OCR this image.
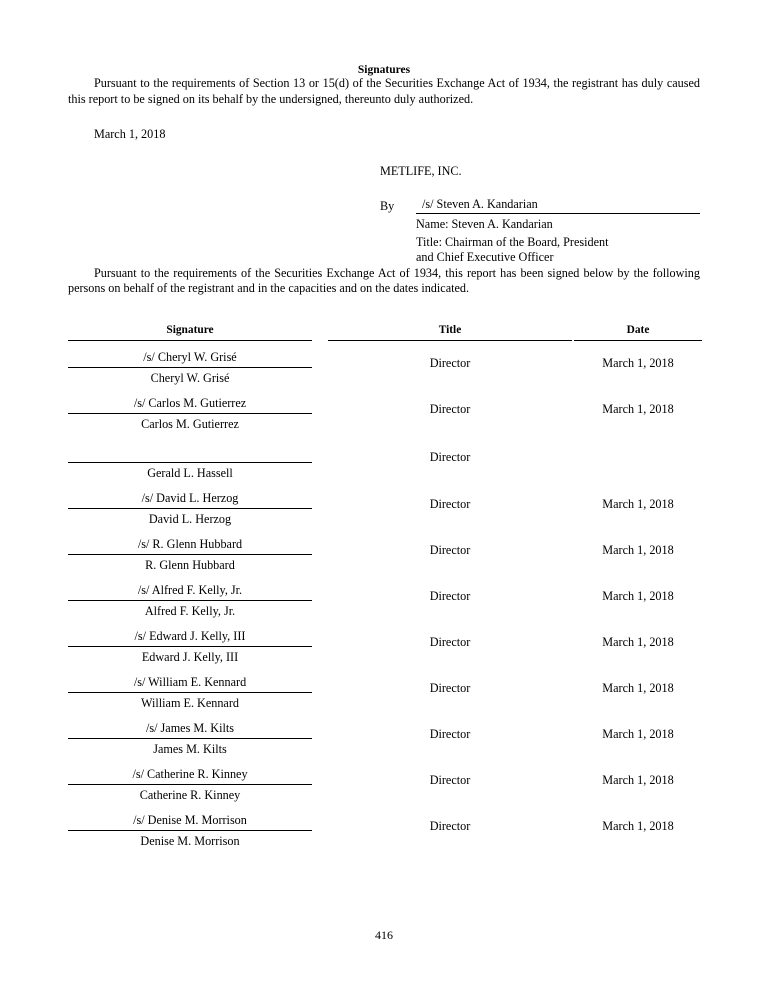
Signatures

Pursuant to the requirements of Section 13 or 15(d) of the Securities Exchange Act of 1934, the registrant has duly caused this report to be signed on its behalf by the undersigned, thereunto duly authorized.

March 1, 2018
METLIFE, INC.
By	/s/ Steven A. Kandarian
Name: Steven A. Kandarian
Title: Chairman of the Board, President
and Chief Executive Officer

Pursuant to the requirements of the Securities Exchange Act of 1934, this report has been signed below by the following persons on behalf of the registrant and in the capacities and on the dates indicated.

Signature		Title		Date

/s/ Cheryl W. Grisé		Director		March 1, 2018
Cheryl W. Grisé				
/s/ Carlos M. Gutierrez		Director		March 1, 2018
Carlos M. Gutierrez				
		Director		
Gerald L. Hassell				
/s/ David L. Herzog		Director		March 1, 2018
David L. Herzog				
/s/ R. Glenn Hubbard		Director		March 1, 2018
R. Glenn Hubbard				
/s/ Alfred F. Kelly, Jr.		Director		March 1, 2018
Alfred F. Kelly, Jr.				
/s/ Edward J. Kelly, III		Director		March 1, 2018
Edward J. Kelly, III				
/s/ William E. Kennard		Director		March 1, 2018
William E. Kennard				
/s/ James M. Kilts		Director		March 1, 2018
James M. Kilts				
/s/ Catherine R. Kinney		Director		March 1, 2018
Catherine R. Kinney				
/s/ Denise M. Morrison		Director		March 1, 2018
Denise M. Morrison				
416
